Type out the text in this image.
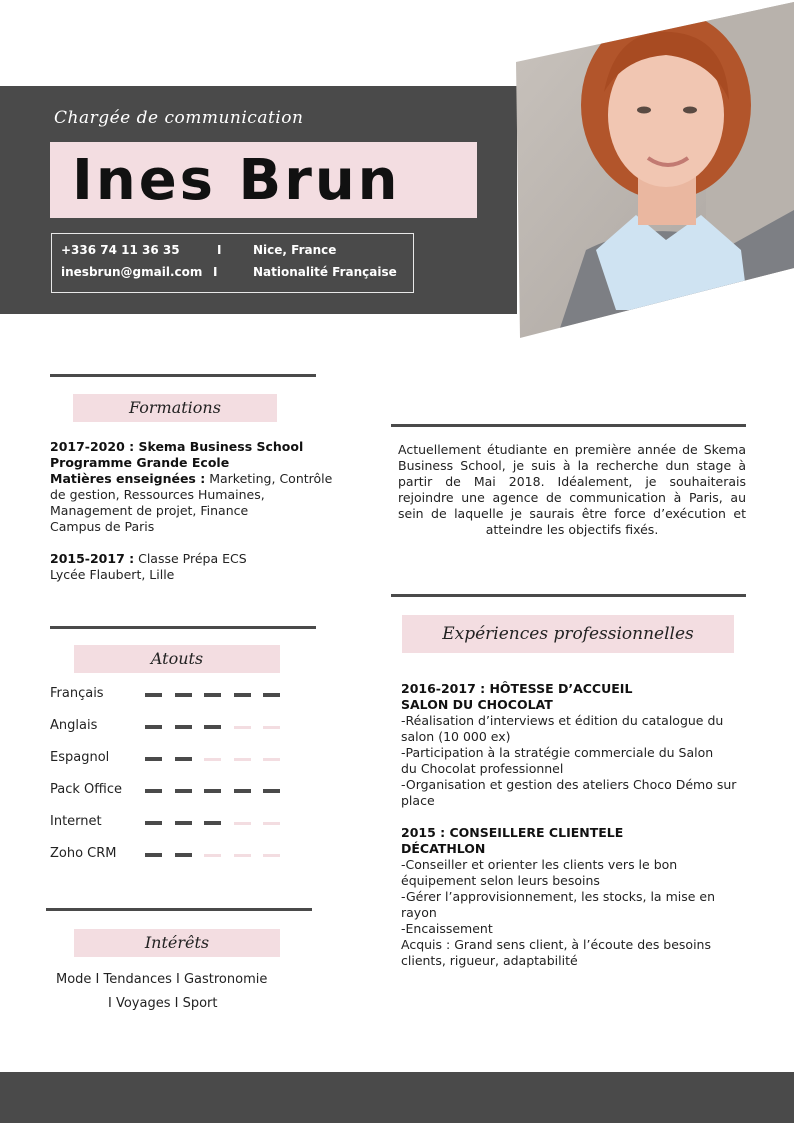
Chargée de communication
Ines Brun
+336 74 11 36 35	I	Nice, France
inesbrun@gmail.com I	Nationalité Française
Formations
2017-2020 : Skema Business School
Programme Grande Ecole
Matières enseignées : Marketing, Contrôle
de gestion, Ressources Humaines,
Management de projet, Finance
Campus de Paris
2015-2017 : Classe Prépa ECS
Lycée Flaubert, Lille
Atouts
Français
Anglais
Espagnol
Pack Office
Internet
Zoho CRM
Intérêts
Mode I Tendances I Gastronomie
I Voyages I Sport
Actuellement étudiante en première année de Skema Business School, je suis à la recherche dun stage à partir de Mai 2018. Idéalement, je souhaiterais rejoindre une agence de communication à Paris, au sein de laquelle je saurais être force d’exécution et atteindre les objectifs fixés.
Expériences professionnelles
2016-2017 : HÔTESSE D’ACCUEIL
SALON DU CHOCOLAT
-Réalisation d’interviews et édition du catalogue du
salon (10 000 ex)
-Participation à la stratégie commerciale du Salon
du Chocolat professionnel
-Organisation et gestion des ateliers Choco Démo sur
place
2015 : CONSEILLERE CLIENTELE
DÉCATHLON
-Conseiller et orienter les clients vers le bon
équipement selon leurs besoins
-Gérer l’approvisionnement, les stocks, la mise en
rayon
-Encaissement
Acquis : Grand sens client, à l’écoute des besoins
clients, rigueur, adaptabilité
